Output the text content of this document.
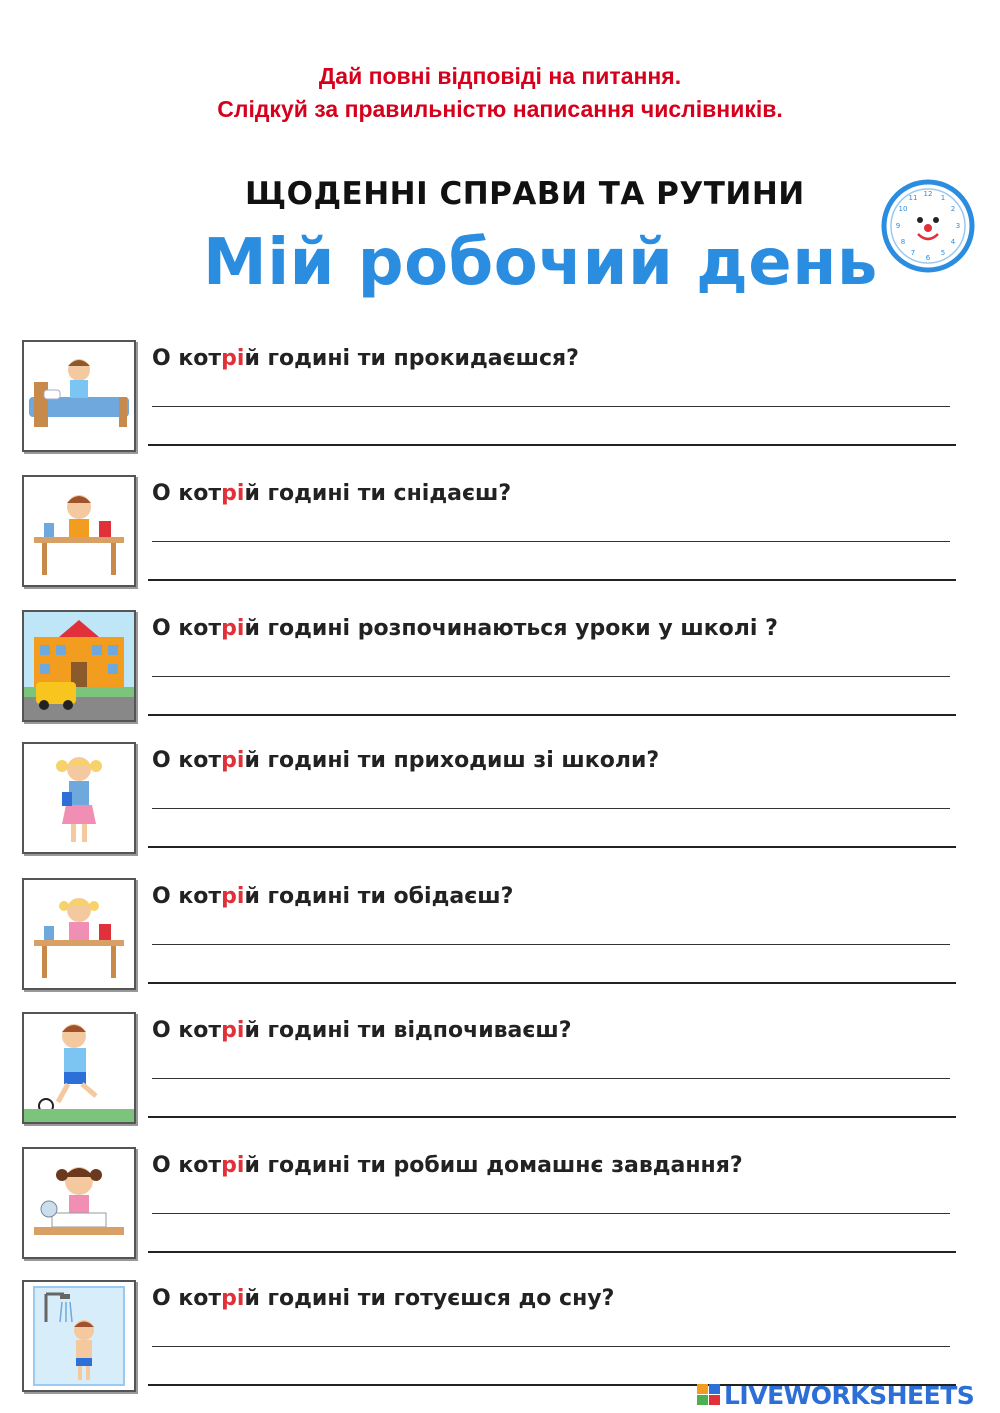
Дай повні відповіді на питання.
Слідкуй за правильністю написання числівників.
ЩОДЕННІ СПРАВИ ТА РУТИНИ
Мій робочий день
12 1
2
3
4
5
6
7
8
9
10
11
О котрій годині ти прокидаєшся?
О котрій годині ти снідаєш?
О котрій годині розпочинаються уроки у школі ?
О котрій годині ти приходиш зі школи?
О котрій годині ти обідаєш?
О котрій годині ти відпочиваєш?
О котрій годині ти робиш домашнє завдання?
О котрій годині ти готуєшся до сну?
LIVEWORKSHEETS
